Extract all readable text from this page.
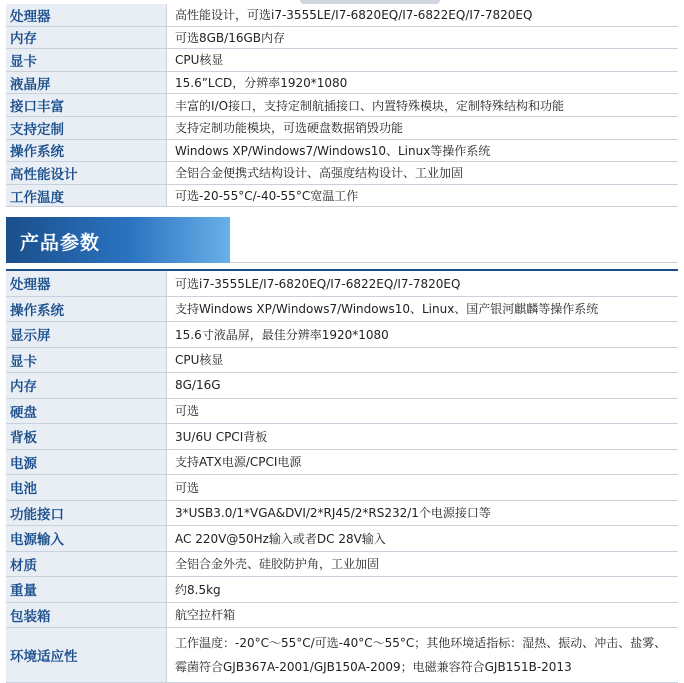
处理器	高性能设计，可选i7-3555LE/I7-6820EQ/I7-6822EQ/I7-7820EQ
内存	可选8GB/16GB内存
显卡	CPU核显
液晶屏	15.6”LCD，分辨率1920*1080
接口丰富	丰富的I/O接口，支持定制航插接口、内置特殊模块，定制特殊结构和功能
支持定制	支持定制功能模块，可选硬盘数据销毁功能
操作系统	Windows XP/Windows7/Windows10、Linux等操作系统
高性能设计	全铝合金便携式结构设计、高强度结构设计、工业加固
工作温度	可选-20-55°C/-40-55°C宽温工作
产品参数
处理器	可选i7-3555LE/I7-6820EQ/I7-6822EQ/I7-7820EQ
操作系统	支持Windows XP/Windows7/Windows10、Linux、国产银河麒麟等操作系统
显示屏	15.6寸液晶屏，最佳分辨率1920*1080
显卡	CPU核显
内存	8G/16G
硬盘	可选
背板	3U/6U CPCI背板
电源	支持ATX电源/CPCI电源
电池	可选
功能接口	3*USB3.0/1*VGA&DVI/2*RJ45/2*RS232/1个电源接口等
电源输入	AC 220V@50Hz输入或者DC 28V输入
材质	全铝合金外壳、硅胶防护角，工业加固
重量	约8.5kg
包装箱	航空拉杆箱
环境适应性	工作温度：-20°C～55°C/可选-40°C～55°C；其他环境适指标：湿热、振动、冲击、盐雾、
霉菌符合GJB367A-2001/GJB150A-2009；电磁兼容符合GJB151B-2013
